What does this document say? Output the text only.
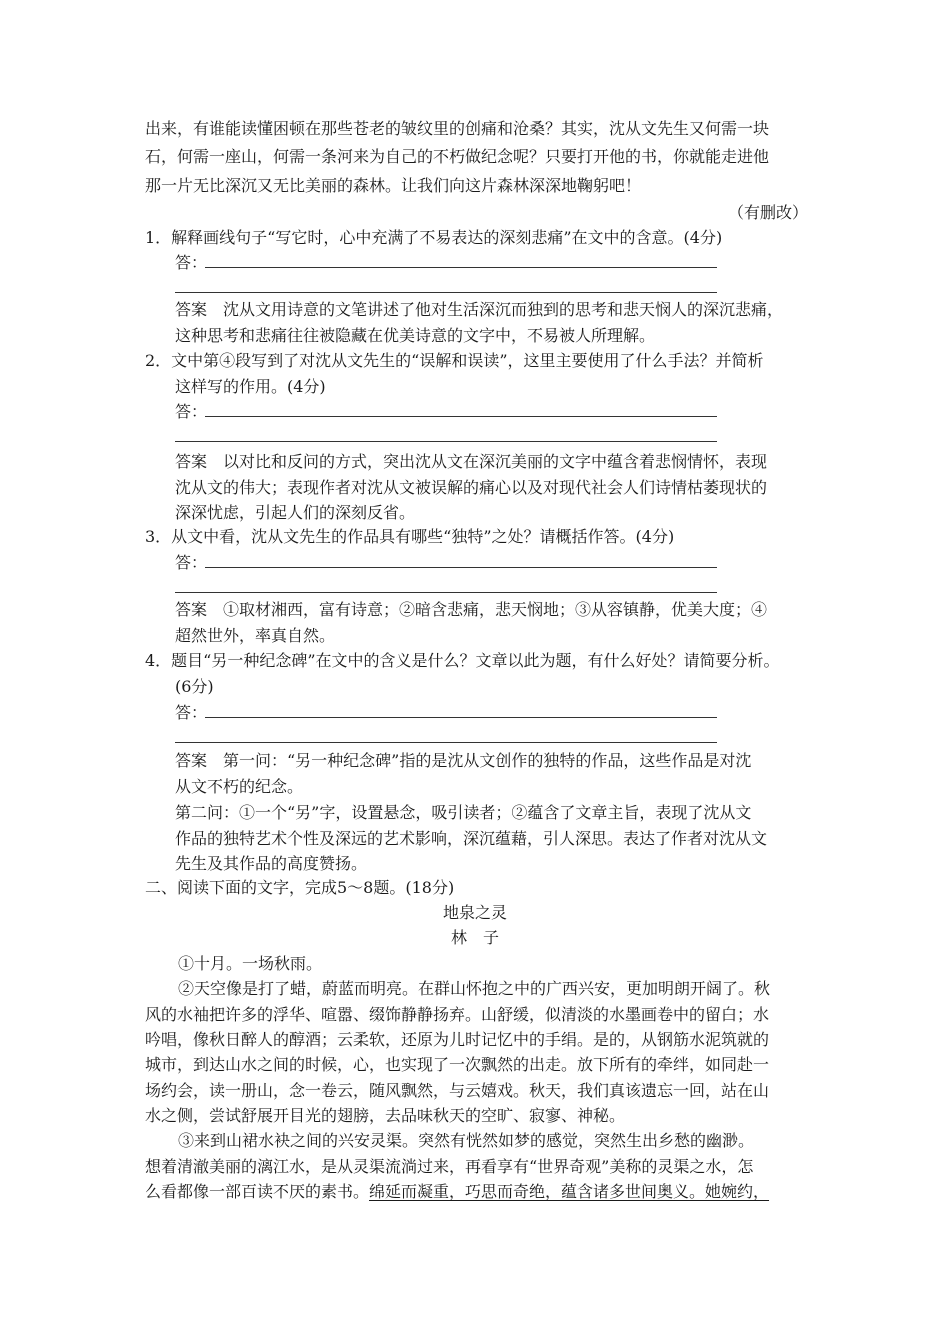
出来，有谁能读懂困顿在那些苍老的皱纹里的创痛和沧桑？其实，沈从文先生又何需一块
石，何需一座山，何需一条河来为自己的不朽做纪念呢？只要打开他的书，你就能走进他
那一片无比深沉又无比美丽的森林。让我们向这片森林深深地鞠躬吧！
（有删改）
1．解释画线句子“写它时，心中充满了不易表达的深刻悲痛”在文中的含意。(4分)
答：
答案　沈从文用诗意的文笔讲述了他对生活深沉而独到的思考和悲天悯人的深沉悲痛，
这种思考和悲痛往往被隐藏在优美诗意的文字中，不易被人所理解。
2．文中第④段写到了对沈从文先生的“误解和误读”，这里主要使用了什么手法？并简析
这样写的作用。(4分)
答：
答案　以对比和反问的方式，突出沈从文在深沉美丽的文字中蕴含着悲悯情怀，表现
沈从文的伟大；表现作者对沈从文被误解的痛心以及对现代社会人们诗情枯萎现状的
深深忧虑，引起人们的深刻反省。
3．从文中看，沈从文先生的作品具有哪些“独特”之处？请概括作答。(4分)
答：
答案　①取材湘西，富有诗意；②暗含悲痛，悲天悯地；③从容镇静，优美大度；④
超然世外，率真自然。
4．题目“另一种纪念碑”在文中的含义是什么？文章以此为题，有什么好处？请简要分析。
(6分)
答：
答案　第一问：“另一种纪念碑”指的是沈从文创作的独特的作品，这些作品是对沈
从文不朽的纪念。
第二问：①一个“另”字，设置悬念，吸引读者；②蕴含了文章主旨，表现了沈从文
作品的独特艺术个性及深远的艺术影响，深沉蕴藉，引人深思。表达了作者对沈从文
先生及其作品的高度赞扬。
二、阅读下面的文字，完成5～8题。(18分)
地泉之灵
林　子
①十月。一场秋雨。
②天空像是打了蜡，蔚蓝而明亮。在群山怀抱之中的广西兴安，更加明朗开阔了。秋
风的水袖把许多的浮华、喧嚣、缀饰静静扬弃。山舒缓，似清淡的水墨画卷中的留白；水
吟唱，像秋日醉人的醇酒；云柔软，还原为儿时记忆中的手绢。是的，从钢筋水泥筑就的
城市，到达山水之间的时候，心，也实现了一次飘然的出走。放下所有的牵绊，如同赴一
场约会，读一册山，念一卷云，随风飘然，与云嬉戏。秋天，我们真该遗忘一回，站在山
水之侧，尝试舒展开目光的翅膀，去品味秋天的空旷、寂寥、神秘。
③来到山裙水袂之间的兴安灵渠。突然有恍然如梦的感觉，突然生出乡愁的幽渺。
想着清澈美丽的漓江水，是从灵渠流淌过来，再看享有“世界奇观”美称的灵渠之水，怎
么看都像一部百读不厌的素书。绵延而凝重，巧思而奇绝，蕴含诸多世间奥义。她婉约，
